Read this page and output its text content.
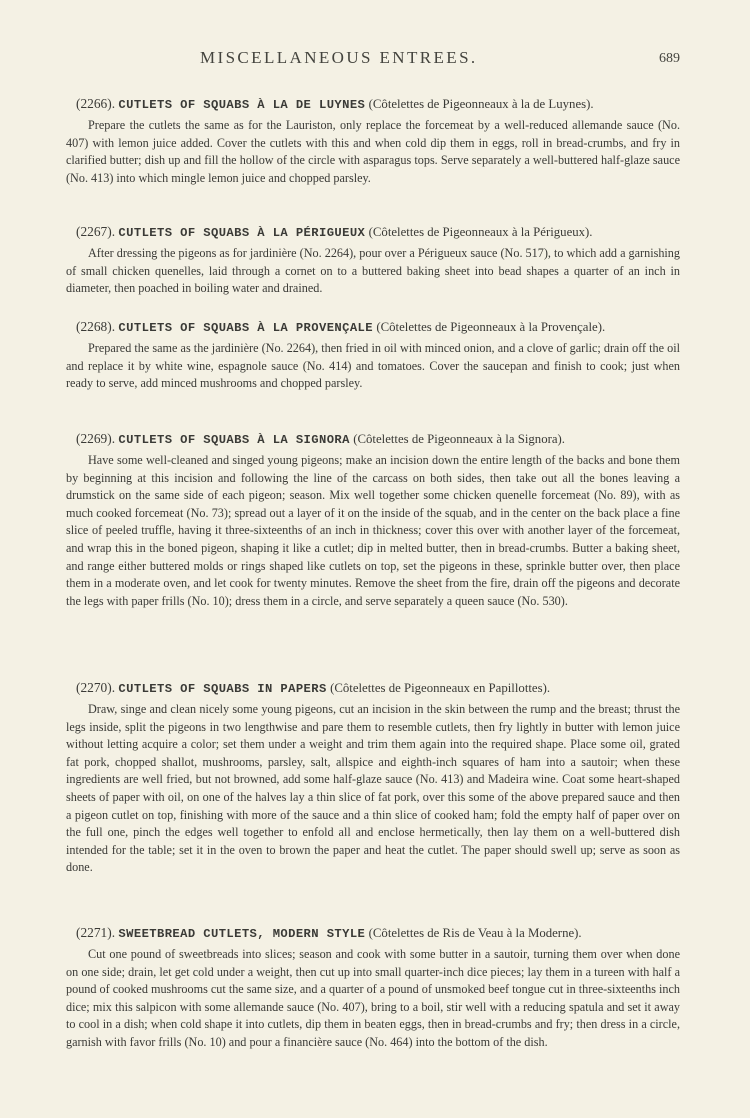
MISCELLANEOUS ENTREES.	689
(2266). CUTLETS OF SQUABS À LA DE LUYNES (Côtelettes de Pigeonneaux à la de Luynes).

Prepare the cutlets the same as for the Lauriston, only replace the forcemeat by a well-reduced allemande sauce (No. 407) with lemon juice added. Cover the cutlets with this and when cold dip them in eggs, roll in bread-crumbs, and fry in clarified butter; dish up and fill the hollow of the circle with asparagus tops. Serve separately a well-buttered half-glaze sauce (No. 413) into which mingle lemon juice and chopped parsley.

(2267). CUTLETS OF SQUABS À LA PÉRIGUEUX (Côtelettes de Pigeonneaux à la Périgueux).

After dressing the pigeons as for jardinière (No. 2264), pour over a Périgueux sauce (No. 517), to which add a garnishing of small chicken quenelles, laid through a cornet on to a buttered baking sheet into bead shapes a quarter of an inch in diameter, then poached in boiling water and drained.

(2268). CUTLETS OF SQUABS À LA PROVENÇALE (Côtelettes de Pigeonneaux à la Provençale).

Prepared the same as the jardinière (No. 2264), then fried in oil with minced onion, and a clove of garlic; drain off the oil and replace it by white wine, espagnole sauce (No. 414) and tomatoes. Cover the saucepan and finish to cook; just when ready to serve, add minced mushrooms and chopped parsley.

(2269). CUTLETS OF SQUABS À LA SIGNORA (Côtelettes de Pigeonneaux à la Signora).

Have some well-cleaned and singed young pigeons; make an incision down the entire length of the backs and bone them by beginning at this incision and following the line of the carcass on both sides, then take out all the bones leaving a drumstick on the same side of each pigeon; season. Mix well together some chicken quenelle forcemeat (No. 89), with as much cooked forcemeat (No. 73); spread out a layer of it on the inside of the squab, and in the center on the back place a fine slice of peeled truffle, having it three-sixteenths of an inch in thickness; cover this over with another layer of the forcemeat, and wrap this in the boned pigeon, shaping it like a cutlet; dip in melted butter, then in bread-crumbs. Butter a baking sheet, and range either buttered molds or rings shaped like cutlets on top, set the pigeons in these, sprinkle butter over, then place them in a moderate oven, and let cook for twenty minutes. Remove the sheet from the fire, drain off the pigeons and decorate the legs with paper frills (No. 10); dress them in a circle, and serve separately a queen sauce (No. 530).

(2270). CUTLETS OF SQUABS IN PAPERS (Côtelettes de Pigeonneaux en Papillottes).

Draw, singe and clean nicely some young pigeons, cut an incision in the skin between the rump and the breast; thrust the legs inside, split the pigeons in two lengthwise and pare them to resemble cutlets, then fry lightly in butter with lemon juice without letting acquire a color; set them under a weight and trim them again into the required shape. Place some oil, grated fat pork, chopped shallot, mushrooms, parsley, salt, allspice and eighth-inch squares of ham into a sautoir; when these ingredients are well fried, but not browned, add some half-glaze sauce (No. 413) and Madeira wine. Coat some heart-shaped sheets of paper with oil, on one of the halves lay a thin slice of fat pork, over this some of the above prepared sauce and then a pigeon cutlet on top, finishing with more of the sauce and a thin slice of cooked ham; fold the empty half of paper over on the full one, pinch the edges well together to enfold all and enclose hermetically, then lay them on a well-buttered dish intended for the table; set it in the oven to brown the paper and heat the cutlet. The paper should swell up; serve as soon as done.

(2271). SWEETBREAD CUTLETS, MODERN STYLE (Côtelettes de Ris de Veau à la Moderne).

Cut one pound of sweetbreads into slices; season and cook with some butter in a sautoir, turning them over when done on one side; drain, let get cold under a weight, then cut up into small quarter-inch dice pieces; lay them in a tureen with half a pound of cooked mushrooms cut the same size, and a quarter of a pound of unsmoked beef tongue cut in three-sixteenths inch dice; mix this salpicon with some allemande sauce (No. 407), bring to a boil, stir well with a reducing spatula and set it away to cool in a dish; when cold shape it into cutlets, dip them in beaten eggs, then in bread-crumbs and fry; then dress in a circle, garnish with favor frills (No. 10) and pour a financière sauce (No. 464) into the bottom of the dish.
